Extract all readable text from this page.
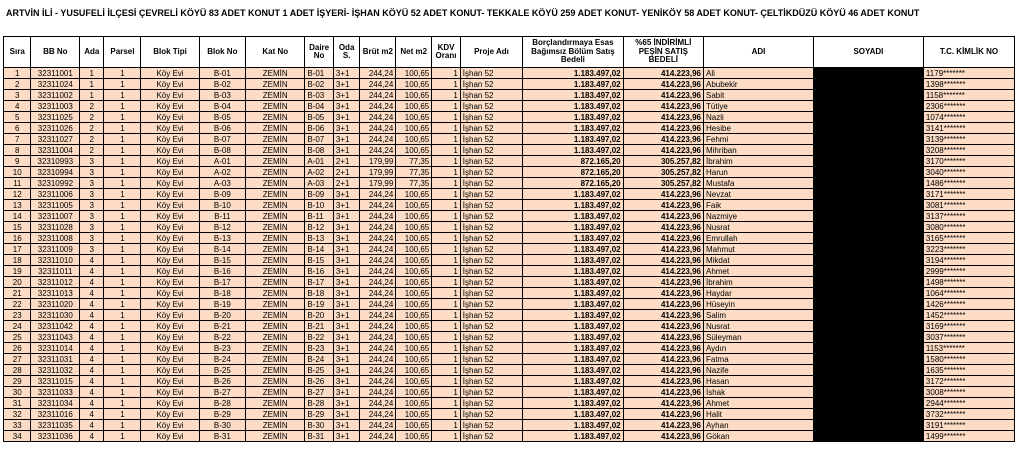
ARTVİN İLİ - YUSUFELİ İLÇESİ ÇEVRELİ KÖYÜ 83 ADET KONUT 1 ADET İŞYERİ- İŞHAN KÖYÜ 52 ADET KONUT- TEKKALE KÖYÜ 259 ADET KONUT- YENİKÖY 58 ADET KONUT- ÇELTİKDÜZÜ KÖYÜ 46 ADET KONUT
Sıra	BB No	Ada	Parsel	Blok Tipi	Blok No	Kat No	Daire No	Oda S.	Brüt m2	Net m2	KDV Oranı	Proje Adı	Borçlandırmaya Esas Bağımsız Bölüm Satış Bedeli	%65 İNDİRİMLİ PEŞİN SATIŞ BEDELİ	ADI	SOYADI	T.C. KİMLİK NO
1	32311001	1	1	Köy Evi	B-01	ZEMİN	B-01	3+1	244,24	100,65	1	İşhan 52	1.183.497,02	414.223,96	Ali		1179*******
2	32311024	1	1	Köy Evi	B-02	ZEMİN	B-02	3+1	244,24	100,65	1	İşhan 52	1.183.497,02	414.223,96	Abubekir		1398*******
3	32311002	1	1	Köy Evi	B-03	ZEMİN	B-03	3+1	244,24	100,65	1	İşhan 52	1.183.497,02	414.223,96	Sabit		1158*******
4	32311003	2	1	Köy Evi	B-04	ZEMİN	B-04	3+1	244,24	100,65	1	İşhan 52	1.183.497,02	414.223,96	Tütiye		2306*******
5	32311025	2	1	Köy Evi	B-05	ZEMİN	B-05	3+1	244,24	100,65	1	İşhan 52	1.183.497,02	414.223,96	Nazli		1074*******
6	32311026	2	1	Köy Evi	B-06	ZEMİN	B-06	3+1	244,24	100,65	1	İşhan 52	1.183.497,02	414.223,96	Hesibe		3141*******
7	32311027	2	1	Köy Evi	B-07	ZEMİN	B-07	3+1	244,24	100,65	1	İşhan 52	1.183.497,02	414.223,96	Fehmi		3139*******
8	32311004	2	1	Köy Evi	B-08	ZEMİN	B-08	3+1	244,24	100,65	1	İşhan 52	1.183.497,02	414.223,96	Mihriban		3208*******
9	32310993	3	1	Köy Evi	A-01	ZEMİN	A-01	2+1	179,99	77,35	1	İşhan 52	872.165,20	305.257,82	İbrahim		3170*******
10	32310994	3	1	Köy Evi	A-02	ZEMİN	A-02	2+1	179,99	77,35	1	İşhan 52	872.165,20	305.257,82	Harun		3040*******
11	32310992	3	1	Köy Evi	A-03	ZEMİN	A-03	2+1	179,99	77,35	1	İşhan 52	872.165,20	305.257,82	Mustafa		1486*******
12	32311006	3	1	Köy Evi	B-09	ZEMİN	B-09	3+1	244,24	100,65	1	İşhan 52	1.183.497,02	414.223,96	Nevzat		3171*******
13	32311005	3	1	Köy Evi	B-10	ZEMİN	B-10	3+1	244,24	100,65	1	İşhan 52	1.183.497,02	414.223,96	Faik		3081*******
14	32311007	3	1	Köy Evi	B-11	ZEMİN	B-11	3+1	244,24	100,65	1	İşhan 52	1.183.497,02	414.223,96	Nazmiye		3137*******
15	32311028	3	1	Köy Evi	B-12	ZEMİN	B-12	3+1	244,24	100,65	1	İşhan 52	1.183.497,02	414.223,96	Nusrat		3080*******
16	32311008	3	1	Köy Evi	B-13	ZEMİN	B-13	3+1	244,24	100,65	1	İşhan 52	1.183.497,02	414.223,96	Emrullah		3165*******
17	32311009	3	1	Köy Evi	B-14	ZEMİN	B-14	3+1	244,24	100,65	1	İşhan 52	1.183.497,02	414.223,96	Mahmut		3223*******
18	32311010	4	1	Köy Evi	B-15	ZEMİN	B-15	3+1	244,24	100,65	1	İşhan 52	1.183.497,02	414.223,96	Mikdat		3194*******
19	32311011	4	1	Köy Evi	B-16	ZEMİN	B-16	3+1	244,24	100,65	1	İşhan 52	1.183.497,02	414.223,96	Ahmet		2999*******
20	32311012	4	1	Köy Evi	B-17	ZEMİN	B-17	3+1	244,24	100,65	1	İşhan 52	1.183.497,02	414.223,96	İbrahim		1498*******
21	32311013	4	1	Köy Evi	B-18	ZEMİN	B-18	3+1	244,24	100,65	1	İşhan 52	1.183.497,02	414.223,96	Haydar		1064*******
22	32311020	4	1	Köy Evi	B-19	ZEMİN	B-19	3+1	244,24	100,65	1	İşhan 52	1.183.497,02	414.223,96	Hüseyin		1426*******
23	32311030	4	1	Köy Evi	B-20	ZEMİN	B-20	3+1	244,24	100,65	1	İşhan 52	1.183.497,02	414.223,96	Salim		1452*******
24	32311042	4	1	Köy Evi	B-21	ZEMİN	B-21	3+1	244,24	100,65	1	İşhan 52	1.183.497,02	414.223,96	Nusrat		3169*******
25	32311043	4	1	Köy Evi	B-22	ZEMİN	B-22	3+1	244,24	100,65	1	İşhan 52	1.183.497,02	414.223,96	Süleyman		3037*******
26	32311014	4	1	Köy Evi	B-23	ZEMİN	B-23	3+1	244,24	100,65	1	İşhan 52	1.183.497,02	414.223,96	Aydın		1153*******
27	32311031	4	1	Köy Evi	B-24	ZEMİN	B-24	3+1	244,24	100,65	1	İşhan 52	1.183.497,02	414.223,96	Fatma		1580*******
28	32311032	4	1	Köy Evi	B-25	ZEMİN	B-25	3+1	244,24	100,65	1	İşhan 52	1.183.497,02	414.223,96	Nazife		1635*******
29	32311015	4	1	Köy Evi	B-26	ZEMİN	B-26	3+1	244,24	100,65	1	İşhan 52	1.183.497,02	414.223,96	Hasan		3172*******
30	32311033	4	1	Köy Evi	B-27	ZEMİN	B-27	3+1	244,24	100,65	1	İşhan 52	1.183.497,02	414.223,96	İshak		3008*******
31	32311034	4	1	Köy Evi	B-28	ZEMİN	B-28	3+1	244,24	100,65	1	İşhan 52	1.183.497,02	414.223,96	Ahmet		2944*******
32	32311016	4	1	Köy Evi	B-29	ZEMİN	B-29	3+1	244,24	100,65	1	İşhan 52	1.183.497,02	414.223,96	Halit		3732*******
33	32311035	4	1	Köy Evi	B-30	ZEMİN	B-30	3+1	244,24	100,65	1	İşhan 52	1.183.497,02	414.223,96	Ayhan		3191*******
34	32311036	4	1	Köy Evi	B-31	ZEMİN	B-31	3+1	244,24	100,65	1	İşhan 52	1.183.497,02	414.223,96	Gökan		1499*******
